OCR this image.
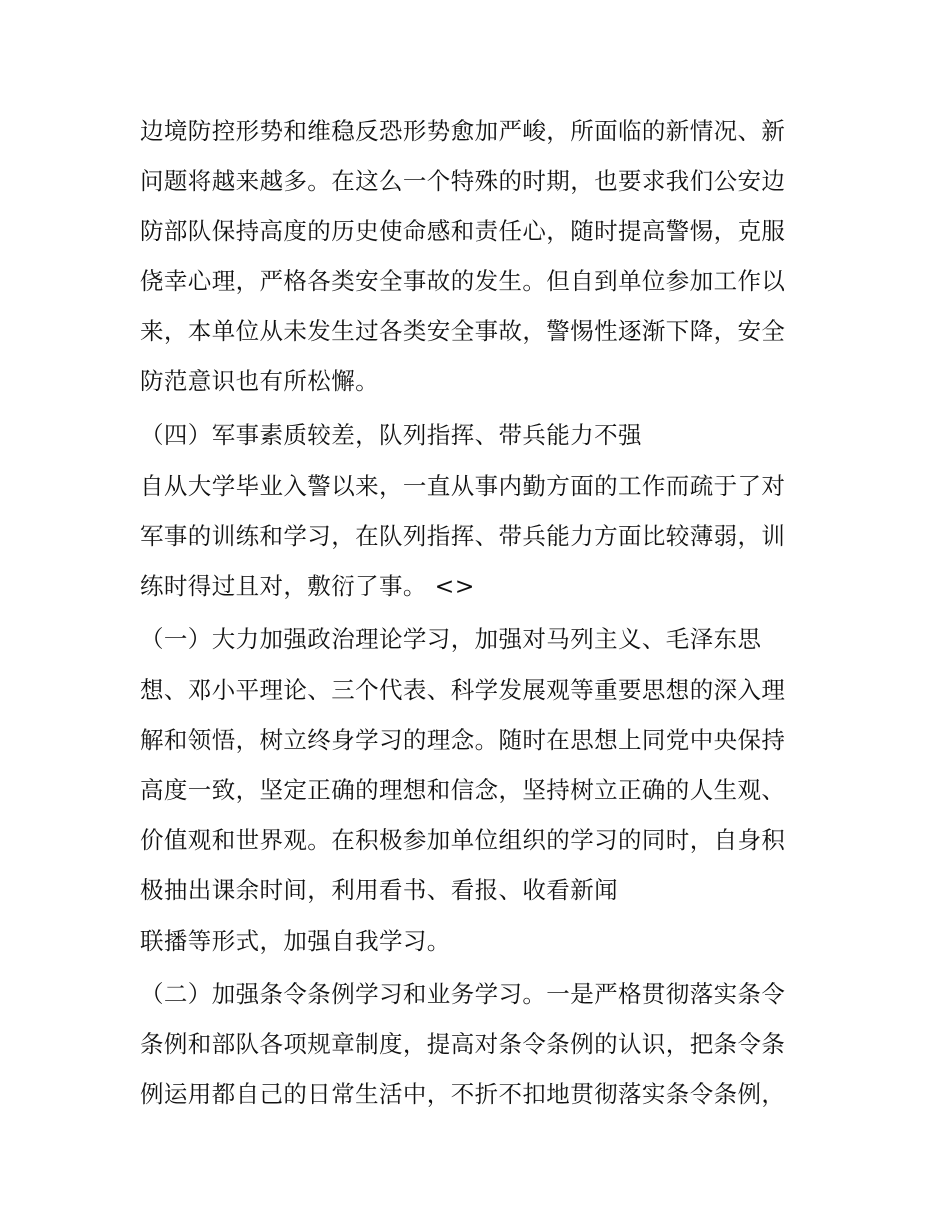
边境防控形势和维稳反恐形势愈加严峻，所面临的新情况、新
问题将越来越多。在这么一个特殊的时期，也要求我们公安边
防部队保持高度的历史使命感和责任心，随时提高警惕，克服
侥幸心理，严格各类安全事故的发生。但自到单位参加工作以
来，本单位从未发生过各类安全事故，警惕性逐渐下降，安全
防范意识也有所松懈。
（四）军事素质较差，队列指挥、带兵能力不强
自从大学毕业入警以来，一直从事内勤方面的工作而疏于了对
军事的训练和学习，在队列指挥、带兵能力方面比较薄弱，训
练时得过且对，敷衍了事。 <>
（一）大力加强政治理论学习，加强对马列主义、毛泽东思
想、邓小平理论、三个代表、科学发展观等重要思想的深入理
解和领悟，树立终身学习的理念。随时在思想上同党中央保持
高度一致，坚定正确的理想和信念，坚持树立正确的人生观、
价值观和世界观。在积极参加单位组织的学习的同时，自身积
极抽出课余时间，利用看书、看报、收看新闻
联播等形式，加强自我学习。
（二）加强条令条例学习和业务学习。一是严格贯彻落实条令
条例和部队各项规章制度，提高对条令条例的认识，把条令条
例运用都自己的日常生活中，不折不扣地贯彻落实条令条例，
